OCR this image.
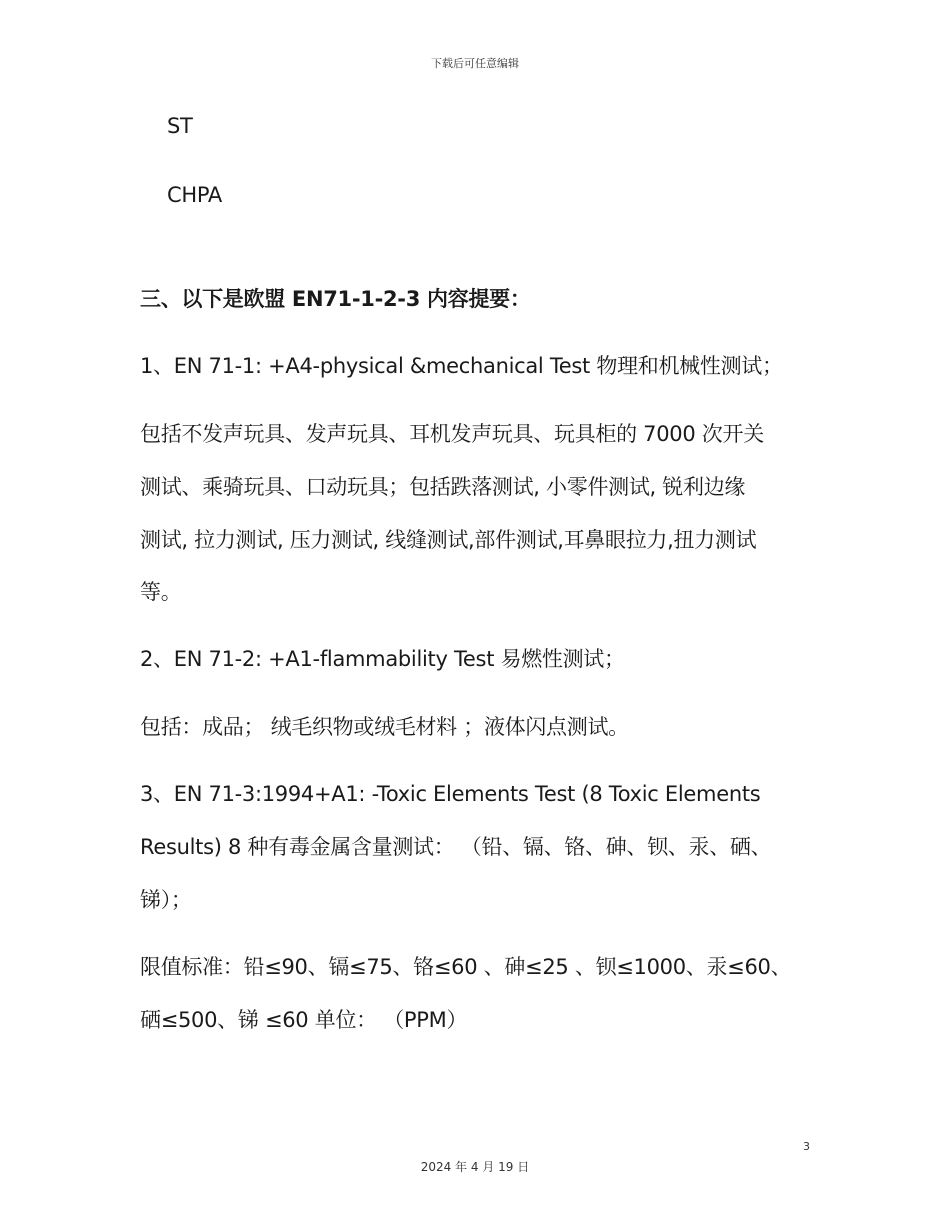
下载后可任意编辑
ST
CHPA
三、以下是欧盟 EN71-1-2-3 内容提要：
1、EN 71-1: +A4-physical &mechanical Test 物理和机械性测试；
包括不发声玩具、发声玩具、耳机发声玩具、玩具柜的 7000 次开关
测试、乘骑玩具、口动玩具；包括跌落测试, 小零件测试, 锐利边缘
测试, 拉力测试, 压力测试, 线缝测试,部件测试,耳鼻眼拉力,扭力测试
等。
2、EN 71-2: +A1-flammability Test 易燃性测试；
包括：成品； 绒毛织物或绒毛材料 ；液体闪点测试。
3、EN 71-3:1994+A1: -Toxic Elements Test (8 Toxic Elements
Results) 8 种有毒金属含量测试： （铅、镉、铬、砷、钡、汞、硒、
锑）；
限值标准：铅≤90、镉≤75、铬≤60 、砷≤25 、钡≤1000、汞≤60、
硒≤500、锑 ≤60 单位： （PPM）
3
2024 年 4 月 19 日
